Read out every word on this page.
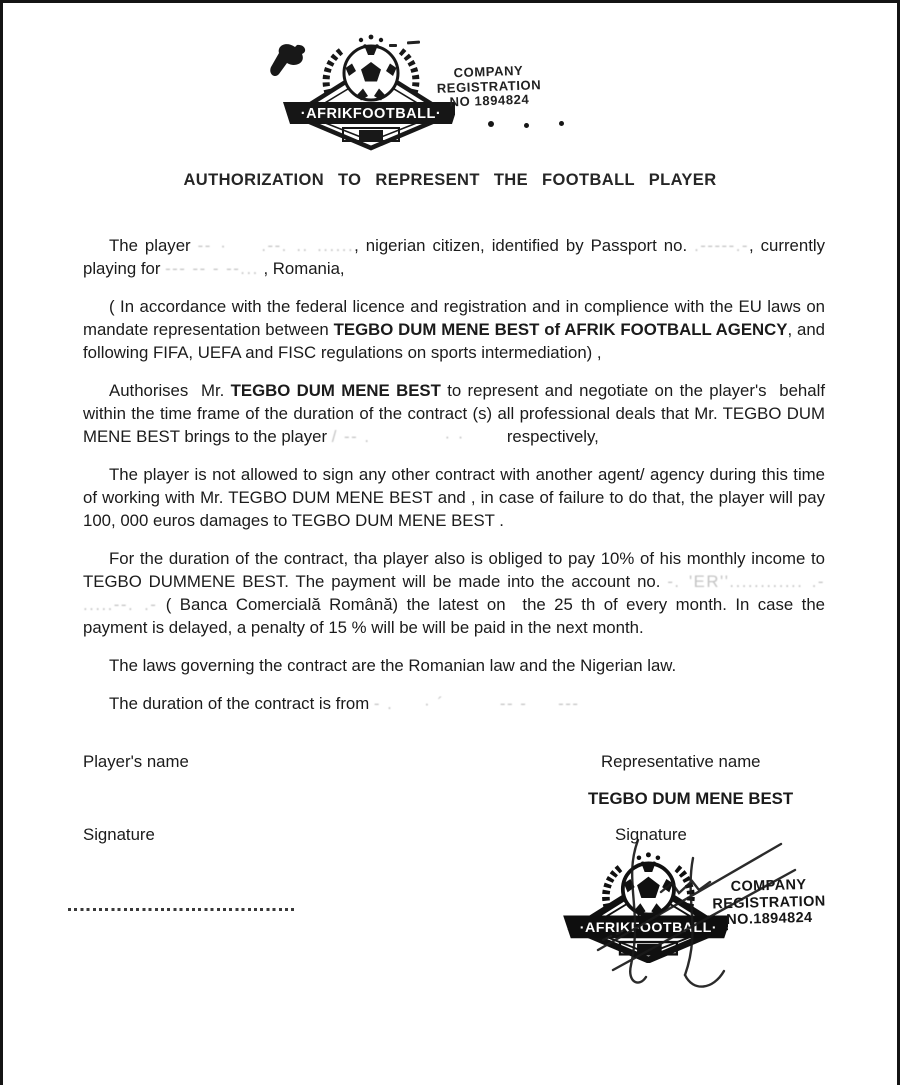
·AFRIKFOOTBALL·
COMPANY
REGISTRATION
NO 1894824
AUTHORIZATION TO REPRESENT THE FOOTBALL PLAYER

The player -- ·    .--. .. ......, nigerian citizen, identified by Passport no. .-----.-, currently playing for --- -- - --... , Romania,

( In accordance with the federal licence and registration and in complience with the EU laws on mandate representation between TEGBO DUM MENE BEST of AFRIK FOOTBALL AGENCY, and following FIFA, UEFA and FISC regulations on sports intermediation) ,

Authorises  Mr. TEGBO DUM MENE BEST to represent and negotiate on the player's  behalf within the time frame of the duration of the contract (s) all professional deals that Mr. TEGBO DUM MENE BEST brings to the player / -- .            · ·         respectively,

The player is not allowed to sign any other contract with another agent/ agency during this time of working with Mr. TEGBO DUM MENE BEST and , in case of failure to do that, the player will pay 100, 000 euros damages to TEGBO DUM MENE BEST .

For the duration of the contract, tha player also is obliged to pay 10% of his monthly income to TEGBO DUMMENE BEST. The payment will be made into the account no. -. 'ER''............ .- .....--. .- ( Banca Comercială Română) the latest on  the 25 th of every month. In case the payment is delayed, a penalty of 15 % will be will be paid in the next month.

The laws governing the contract are the Romanian law and the Nigerian law.

The duration of the contract is from - .     · ´         -- -     ---

Player's name	Representative name
TEGBO DUM MENE BEST
Signature	Signature
·AFRIKFOOTBALL·
COMPANY
REGISTRATION
NO.1894824
